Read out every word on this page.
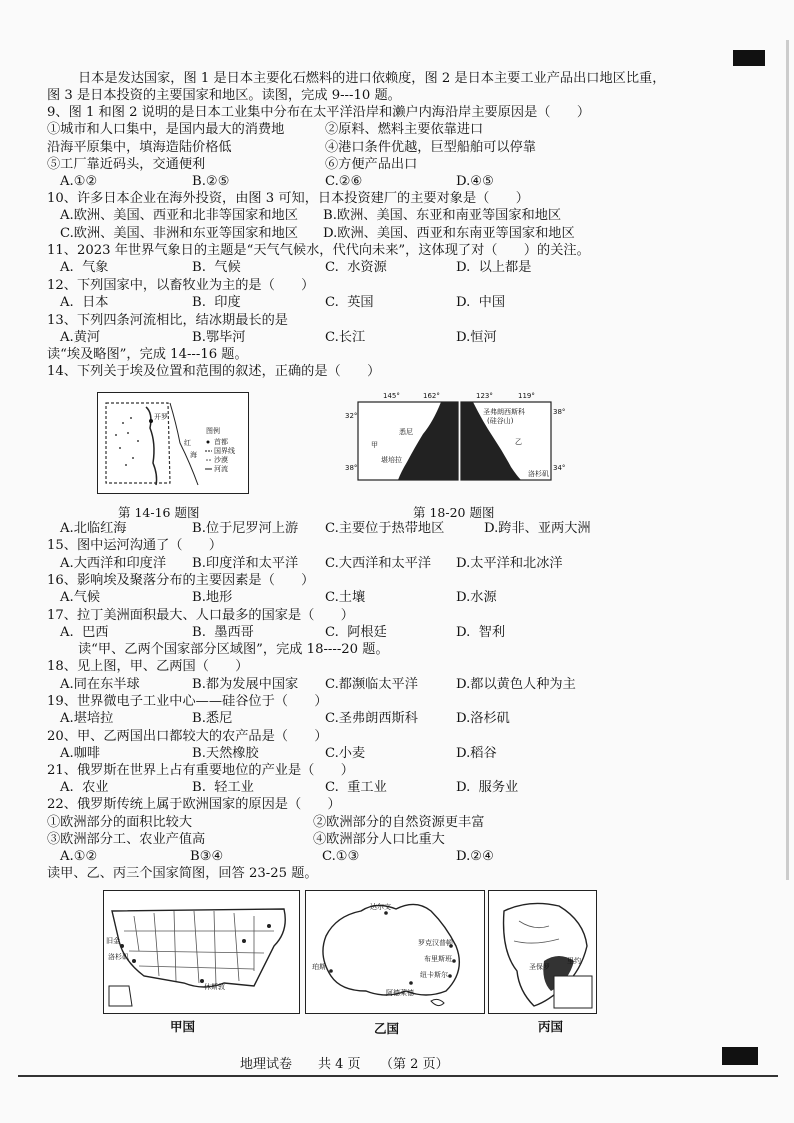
日本是发达国家，图 1 是日本主要化石燃料的进口依赖度，图 2 是日本主要工业产品出口地区比重，
图 3 是日本投资的主要国家和地区。读图，完成 9---10 题。
9、图 1 和图 2 说明的是日本工业集中分布在太平洋沿岸和濑户内海沿岸主要原因是（　　）
①城市和人口集中，是国内最大的消费地	②原料、燃料主要依靠进口
沿海平原集中，填海造陆价格低	④港口条件优越，巨型船舶可以停靠
⑤工厂靠近码头，交通便利	⑥方便产品出口
A.①②	B.②⑤	C.②⑥	D.④⑤
10、许多日本企业在海外投资，由图 3 可知，日本投资建厂的主要对象是（　　）
A.欧洲、美国、西亚和北非等国家和地区 B.欧洲、美国、东亚和南亚等国家和地区
C.欧洲、美国、非洲和东亚等国家和地区 D.欧洲、美国、西亚和东南亚等国家和地区
11、2023 年世界气象日的主题是“天气气候水，代代向未来”，这体现了对（　　）的关注。
A.  气象	B.  气候	C.  水资源	D.  以上都是
12、下列国家中，以畜牧业为主的是（　　）
A.  日本	B.  印度	C.  英国	D.  中国
13、下列四条河流相比，结冰期最长的是
A.黄河	B.鄂毕河	C.长江	D.恒河
读“埃及略图”，完成 14---16 题。
14、下列关于埃及位置和范围的叙述，正确的是（　　）
开罗
红
海
图例
首都
国界线
沙漠
河流
第 14-16 题图
145°	162°	123°	119°
32°
38°
38°
34°
悉尼
甲
堪培拉
圣弗朗西斯科
(硅谷山)
乙
洛杉矶
第 18-20 题图
A.北临红海	B.位于尼罗河上游 C.主要位于热带地区	D.跨非、亚两大洲
15、图中运河沟通了（　　）
A.大西洋和印度洋 B.印度洋和太平洋 C.大西洋和太平洋 D.太平洋和北冰洋
16、影响埃及聚落分布的主要因素是（　　）
A.气候	B.地形	C.土壤	D.水源
17、拉丁美洲面积最大、人口最多的国家是（　　）
A.  巴西	B.  墨西哥	C.  阿根廷	D.  智利
读“甲、乙两个国家部分区域图”，完成 18----20 题。
18、见上图，甲、乙两国（　　）
A.同在东半球	B.都为发展中国家 C.都濒临太平洋	D.都以黄色人种为主
19、世界微电子工业中心——硅谷位于（　　）
A.堪培拉	B.悉尼	C.圣弗朗西斯科	D.洛杉矶
20、甲、乙两国出口都较大的农产品是（　　）
A.咖啡	B.天然橡胶	C.小麦	D.稻谷
21、俄罗斯在世界上占有重要地位的产业是（　　）
A.  农业	B.  轻工业	C.  重工业	D.  服务业
22、俄罗斯传统上属于欧洲国家的原因是（　　）
①欧洲部分的面积比较大	②欧洲部分的自然资源更丰富
③欧洲部分工、农业产值高	④欧洲部分人口比重大
A.①②	B③④	C.①③	D.②④
读甲、乙、丙三个国家简图，回答 23-25 题。
旧金
洛杉矶
休斯敦
达尔文
罗克汉普顿
布里斯班
纽卡斯尔
珀斯
阿德莱德
里约
圣保罗
甲国	乙国	丙国
地理试卷　　共 4 页　　（第 2 页）
